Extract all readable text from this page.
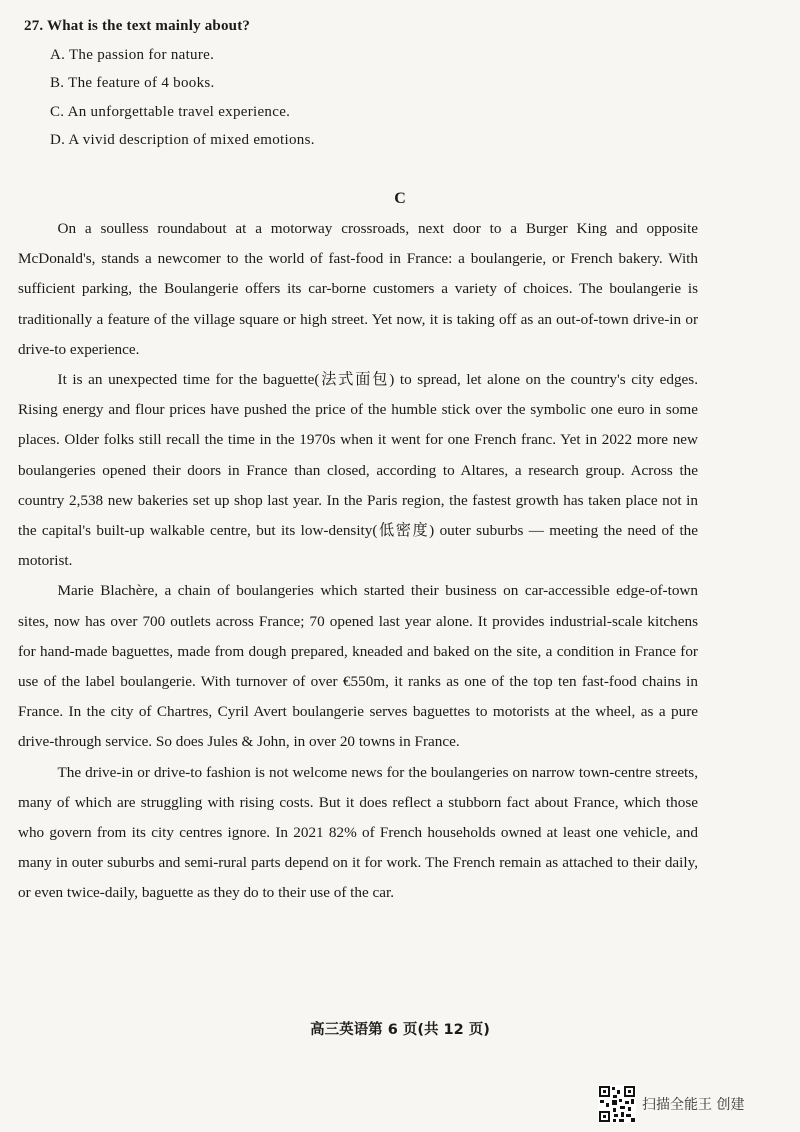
27. What is the text mainly about?
A. The passion for nature.
B. The feature of 4 books.
C. An unforgettable travel experience.
D. A vivid description of mixed emotions.
C

On a soulless roundabout at a motorway crossroads, next door to a Burger King and opposite McDonald's, stands a newcomer to the world of fast-food in France: a boulangerie, or French bakery. With sufficient parking, the Boulangerie offers its car-borne customers a variety of choices. The boulangerie is traditionally a feature of the village square or high street. Yet now, it is taking off as an out-of-town drive-in or drive-to experience.

It is an unexpected time for the baguette(法式面包) to spread, let alone on the country's city edges. Rising energy and flour prices have pushed the price of the humble stick over the symbolic one euro in some places. Older folks still recall the time in the 1970s when it went for one French franc. Yet in 2022 more new boulangeries opened their doors in France than closed, according to Altares, a research group. Across the country 2,538 new bakeries set up shop last year. In the Paris region, the fastest growth has taken place not in the capital's built-up walkable centre, but its low-density(低密度) outer suburbs — meeting the need of the motorist.

Marie Blachère, a chain of boulangeries which started their business on car-accessible edge-of-town sites, now has over 700 outlets across France; 70 opened last year alone. It provides industrial-scale kitchens for hand-made baguettes, made from dough prepared, kneaded and baked on the site, a condition in France for use of the label boulangerie. With turnover of over €550m, it ranks as one of the top ten fast-food chains in France. In the city of Chartres, Cyril Avert boulangerie serves baguettes to motorists at the wheel, as a pure drive-through service. So does Jules & John, in over 20 towns in France.

The drive-in or drive-to fashion is not welcome news for the boulangeries on narrow town-centre streets, many of which are struggling with rising costs. But it does reflect a stubborn fact about France, which those who govern from its city centres ignore. In 2021 82% of French households owned at least one vehicle, and many in outer suburbs and semi-rural parts depend on it for work. The French remain as attached to their daily, or even twice-daily, baguette as they do to their use of the car.

高三英语第 6 页(共 12 页)
扫描全能王 创建
